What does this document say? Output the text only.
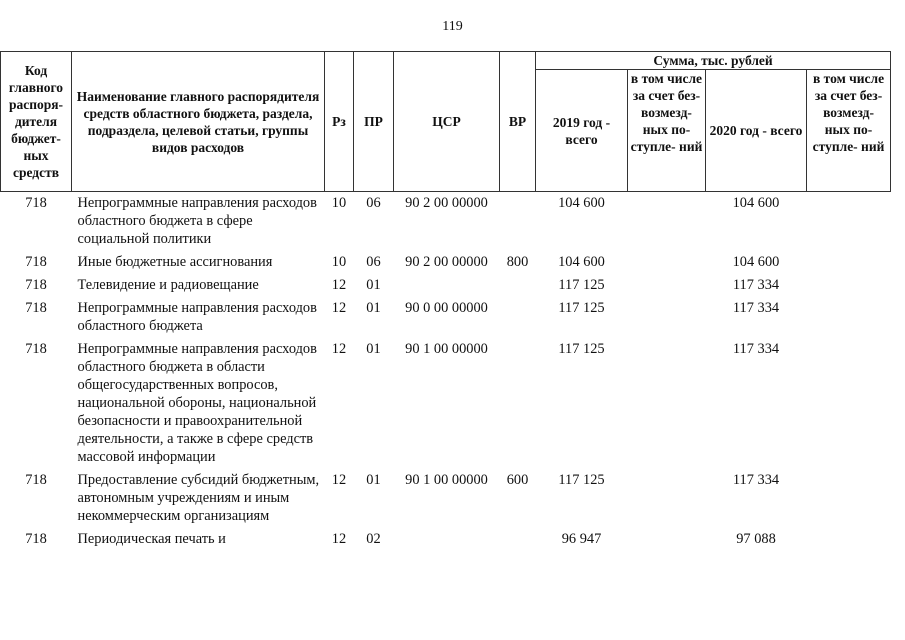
119
Код главного распоря- дителя бюджет- ных средств	Наименование главного распорядителя средств областного бюджета, раздела, подраздела, целевой статьи, группы видов расходов	Рз	ПР	ЦСР	ВР	Сумма, тыс. рублей			
						2019 год - всего	в том числе за счет без- возмезд- ных по- ступле- ний	2020 год - всего	в том числе за счет без- возмезд- ных по- ступле- ний
718	Непрограммные направления расходов областного бюджета в сфере социальной политики	10	06	90 2 00 00000		104 600		104 600	
718	Иные бюджетные ассигнования	10	06	90 2 00 00000	800	104 600		104 600	
718	Телевидение и радиовещание	12	01			117 125		117 334	
718	Непрограммные направления расходов областного бюджета	12	01	90 0 00 00000		117 125		117 334	
718	Непрограммные направления расходов областного бюджета в области общегосударственных вопросов, национальной обороны, национальной безопасности и правоохранительной деятельности, а также в сфере средств массовой информации	12	01	90 1 00 00000		117 125		117 334	
718	Предоставление субсидий бюджетным, автономным учреждениям и иным некоммерческим организациям	12	01	90 1 00 00000	600	117 125		117 334	
718	Периодическая печать и	12	02			96 947		97 088	
